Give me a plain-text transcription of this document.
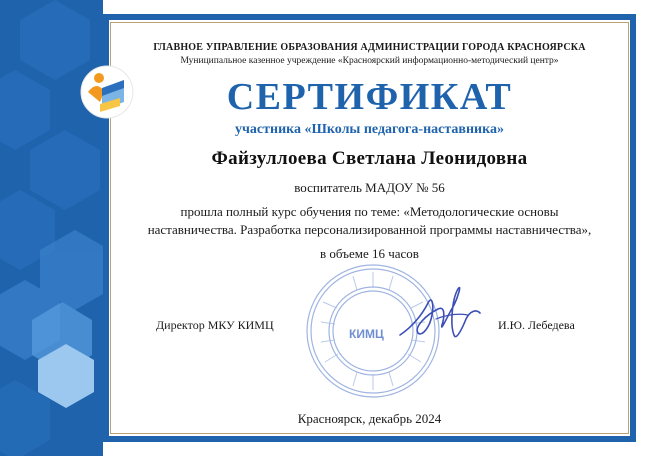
ГЛАВНОЕ УПРАВЛЕНИЕ ОБРАЗОВАНИЯ АДМИНИСТРАЦИИ ГОРОДА КРАСНОЯРСКА
Муниципальное казенное учреждение «Красноярский информационно-методический центр»
СЕРТИФИКАТ
участника «Школы педагога-наставника»
Файзуллоева Светлана Леонидовна
воспитатель МАДОУ № 56
прошла полный курс обучения по теме: «Методологические основы
наставничества. Разработка персонализированной программы наставничества»,
в объеме 16 часов
КИМЦ
Директор МКУ КИМЦ	И.Ю. Лебедева
Красноярск, декабрь 2024
